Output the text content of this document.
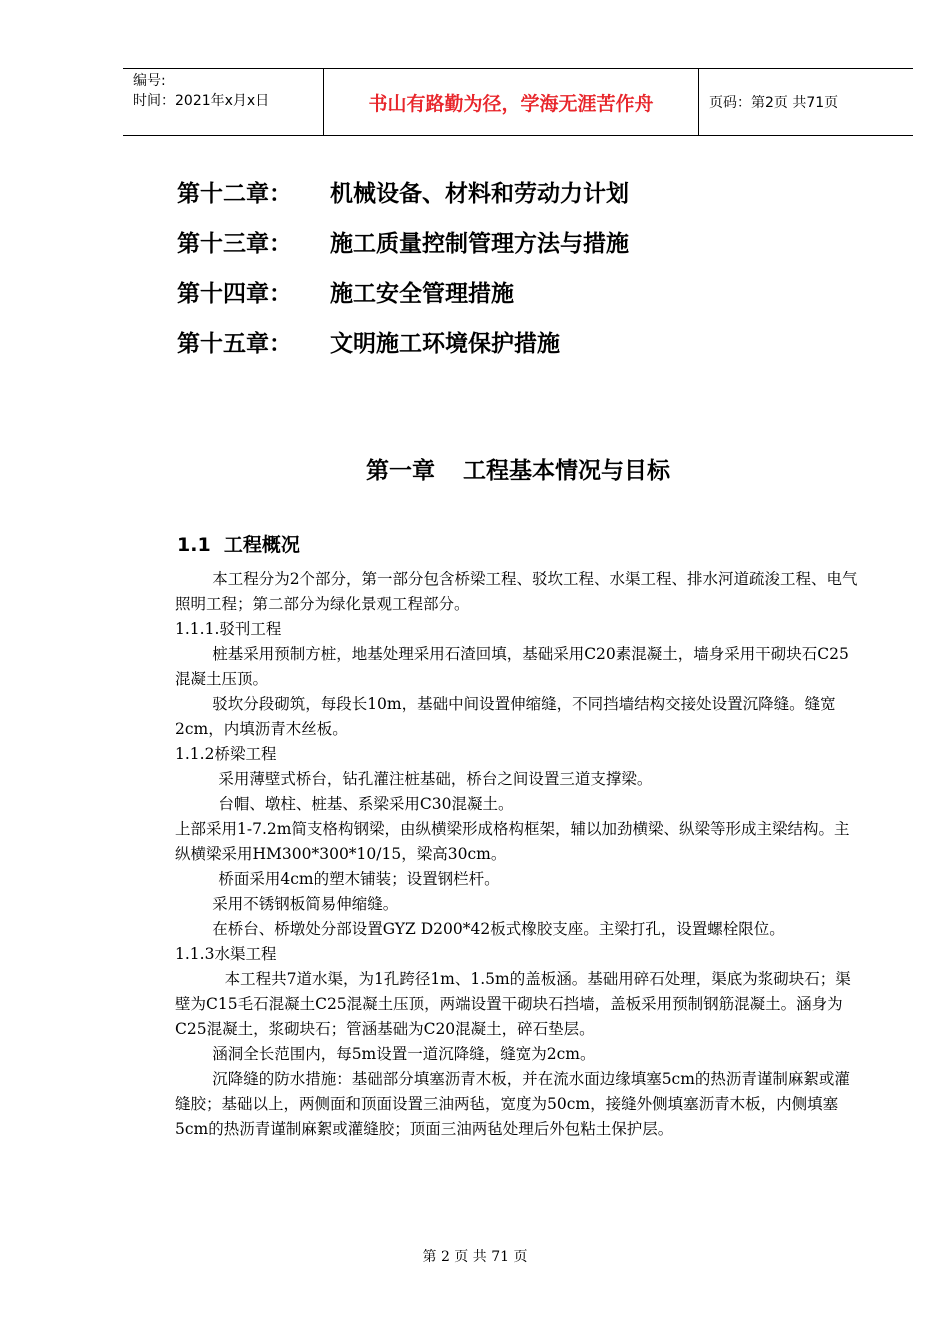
编号:
时间：2021年x月x日	书山有路勤为径，学海无涯苦作舟	页码：第2页 共71页
第十二章：	机械设备、材料和劳动力计划
第十三章：	施工质量控制管理方法与措施
第十四章：	施工安全管理措施
第十五章：	文明施工环境保护措施
第一章 工程基本情况与目标
1.1 工程概况

本工程分为2个部分，第一部分包含桥梁工程、驳坎工程、水渠工程、排水河道疏浚工程、电气照明工程；第二部分为绿化景观工程部分。

1.1.1.驳刊工程

桩基采用预制方桩，地基处理采用石渣回填，基础采用C20素混凝土，墙身采用干砌块石C25混凝土压顶。

驳坎分段砌筑，每段长10m，基础中间设置伸缩缝，不同挡墙结构交接处设置沉降缝。缝宽2cm，内填沥青木丝板。

1.1.2桥梁工程

采用薄壁式桥台，钻孔灌注桩基础，桥台之间设置三道支撑梁。

台帽、墩柱、桩基、系梁采用C30混凝土。

上部采用1-7.2m简支格构钢梁，由纵横梁形成格构框架，辅以加劲横梁、纵梁等形成主梁结构。主纵横梁采用HM300*300*10/15，梁高30cm。

桥面采用4cm的塑木铺装；设置钢栏杆。

采用不锈钢板简易伸缩缝。

在桥台、桥墩处分部设置GYZ D200*42板式橡胶支座。主梁打孔，设置螺栓限位。

1.1.3水渠工程

本工程共7道水渠，为1孔跨径1m、1.5m的盖板涵。基础用碎石处理，渠底为浆砌块石；渠壁为C15毛石混凝土C25混凝土压顶，两端设置干砌块石挡墙，盖板采用预制钢筋混凝土。涵身为C25混凝土，浆砌块石；管涵基础为C20混凝土，碎石垫层。

涵洞全长范围内，每5m设置一道沉降缝，缝宽为2cm。

沉降缝的防水措施：基础部分填塞沥青木板，并在流水面边缘填塞5cm的热沥青谨制麻絮或灌缝胶；基础以上，两侧面和顶面设置三油两毡，宽度为50cm，接缝外侧填塞沥青木板，内侧填塞5cm的热沥青谨制麻絮或灌缝胶；顶面三油两毡处理后外包粘土保护层。

第 2 页 共 71 页
